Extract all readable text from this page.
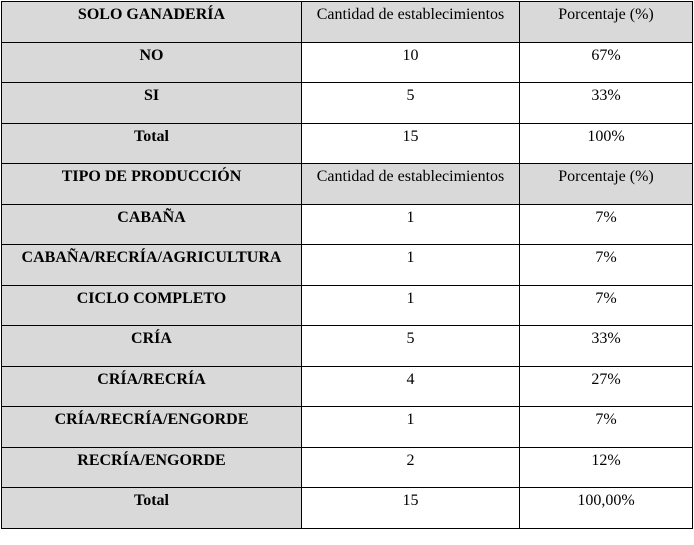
SOLO GANADERÍA	Cantidad de establecimientos	Porcentaje (%)
NO	10	67%
SI	5	33%
Total	15	100%
TIPO DE PRODUCCIÓN	Cantidad de establecimientos	Porcentaje (%)
CABAÑA	1	7%
CABAÑA/RECRÍA/AGRICULTURA	1	7%
CICLO COMPLETO	1	7%
CRÍA	5	33%
CRÍA/RECRÍA	4	27%
CRÍA/RECRÍA/ENGORDE	1	7%
RECRÍA/ENGORDE	2	12%
Total	15	100,00%
